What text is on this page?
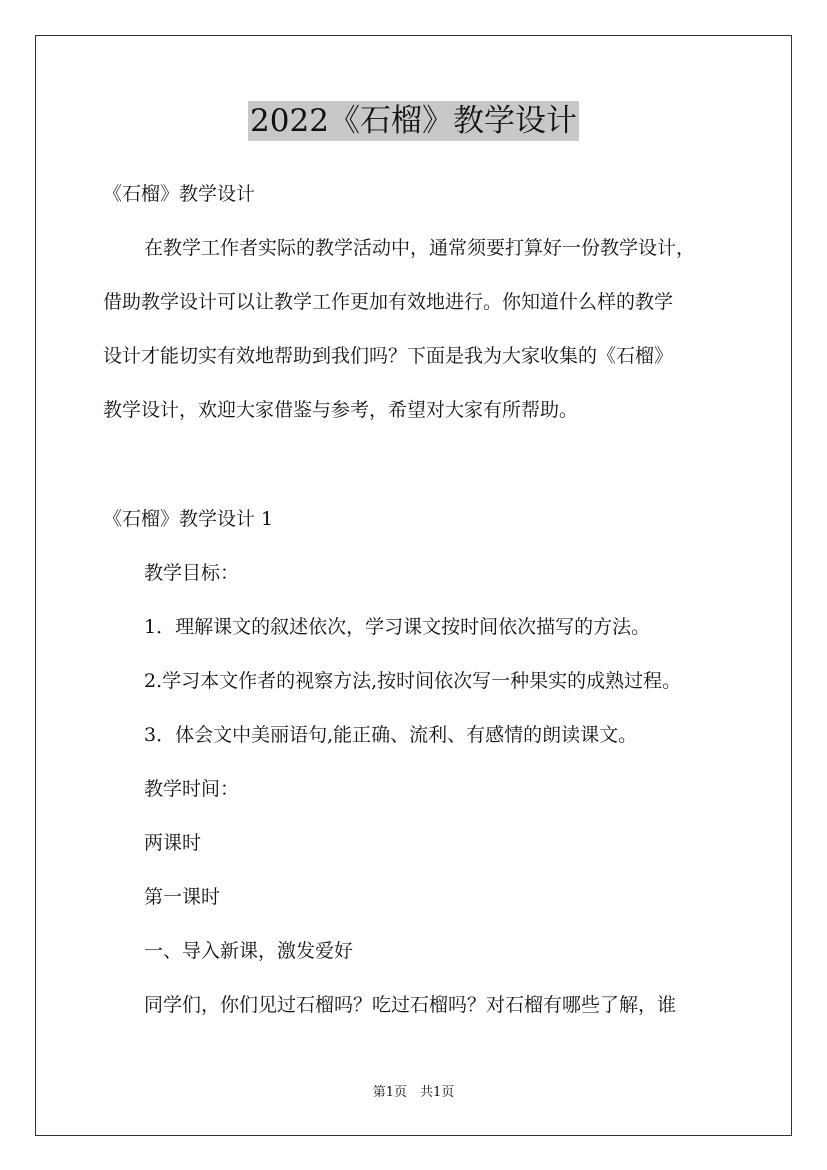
2022《石榴》教学设计
《石榴》教学设计
在教学工作者实际的教学活动中，通常须要打算好一份教学设计，
借助教学设计可以让教学工作更加有效地进行。你知道什么样的教学
设计才能切实有效地帮助到我们吗？下面是我为大家收集的《石榴》
教学设计，欢迎大家借鉴与参考，希望对大家有所帮助。
《石榴》教学设计 1
教学目标：
1．理解课文的叙述依次，学习课文按时间依次描写的方法。
2.学习本文作者的视察方法,按时间依次写一种果实的成熟过程。
3．体会文中美丽语句,能正确、流利、有感情的朗读课文。
教学时间：
两课时
第一课时
一、导入新课，激发爱好
同学们，你们见过石榴吗？吃过石榴吗？对石榴有哪些了解，谁
第1页　共1页
